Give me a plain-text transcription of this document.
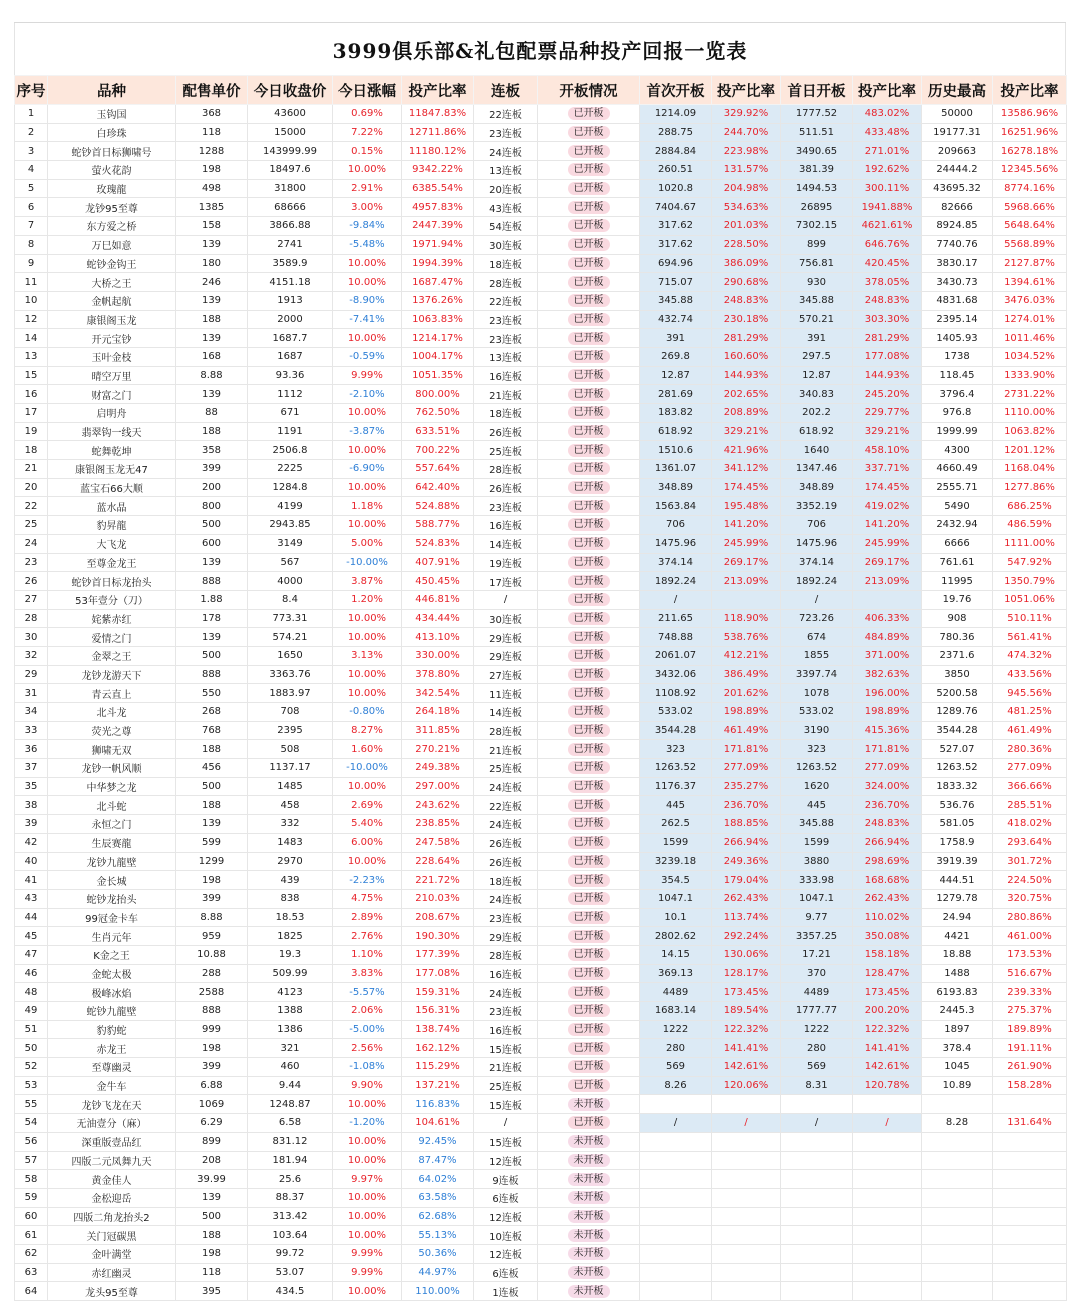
3999俱乐部&礼包配票品种投产回报一览表
序号	品种	配售单价	今日收盘价	今日涨幅	投产比率	连板	开板情况	首次开板	投产比率	首日开板	投产比率	历史最高	投产比率
1	玉钩国	368	43600	0.69%	11847.83%	22连板	已开板	1214.09	329.92%	1777.52	483.02%	50000	13586.96%
2	白珍珠	118	15000	7.22%	12711.86%	23连板	已开板	288.75	244.70%	511.51	433.48%	19177.31	16251.96%
3	蛇钞首日标狮啸号	1288	143999.99	0.15%	11180.12%	24连板	已开板	2884.84	223.98%	3490.65	271.01%	209663	16278.18%
4	萤火花韵	198	18497.6	10.00%	9342.22%	13连板	已开板	260.51	131.57%	381.39	192.62%	24444.2	12345.56%
5	玫瑰龍	498	31800	2.91%	6385.54%	20连板	已开板	1020.8	204.98%	1494.53	300.11%	43695.32	8774.16%
6	龙钞95至尊	1385	68666	3.00%	4957.83%	43连板	已开板	7404.67	534.63%	26895	1941.88%	82666	5968.66%
7	东方爱之桥	158	3866.88	-9.84%	2447.39%	54连板	已开板	317.62	201.03%	7302.15	4621.61%	8924.85	5648.64%
8	万巳如意	139	2741	-5.48%	1971.94%	30连板	已开板	317.62	228.50%	899	646.76%	7740.76	5568.89%
9	蛇钞金钩王	180	3589.9	10.00%	1994.39%	18连板	已开板	694.96	386.09%	756.81	420.45%	3830.17	2127.87%
11	大桥之王	246	4151.18	10.00%	1687.47%	28连板	已开板	715.07	290.68%	930	378.05%	3430.73	1394.61%
10	金帆起航	139	1913	-8.90%	1376.26%	22连板	已开板	345.88	248.83%	345.88	248.83%	4831.68	3476.03%
12	康银阁玉龙	188	2000	-7.41%	1063.83%	23连板	已开板	432.74	230.18%	570.21	303.30%	2395.14	1274.01%
14	开元宝钞	139	1687.7	10.00%	1214.17%	23连板	已开板	391	281.29%	391	281.29%	1405.93	1011.46%
13	玉叶金枝	168	1687	-0.59%	1004.17%	13连板	已开板	269.8	160.60%	297.5	177.08%	1738	1034.52%
15	晴空万里	8.88	93.36	9.99%	1051.35%	16连板	已开板	12.87	144.93%	12.87	144.93%	118.45	1333.90%
16	财富之门	139	1112	-2.10%	800.00%	21连板	已开板	281.69	202.65%	340.83	245.20%	3796.4	2731.22%
17	启明舟	88	671	10.00%	762.50%	18连板	已开板	183.82	208.89%	202.2	229.77%	976.8	1110.00%
19	翡翠钩一线天	188	1191	-3.87%	633.51%	26连板	已开板	618.92	329.21%	618.92	329.21%	1999.99	1063.82%
18	蛇舞乾坤	358	2506.8	10.00%	700.22%	25连板	已开板	1510.6	421.96%	1640	458.10%	4300	1201.12%
21	康银阁玉龙无47	399	2225	-6.90%	557.64%	28连板	已开板	1361.07	341.12%	1347.46	337.71%	4660.49	1168.04%
20	蓝宝石66大顺	200	1284.8	10.00%	642.40%	26连板	已开板	348.89	174.45%	348.89	174.45%	2555.71	1277.86%
22	蓝水晶	800	4199	1.18%	524.88%	23连板	已开板	1563.84	195.48%	3352.19	419.02%	5490	686.25%
25	豹昇龍	500	2943.85	10.00%	588.77%	16连板	已开板	706	141.20%	706	141.20%	2432.94	486.59%
24	大飞龙	600	3149	5.00%	524.83%	14连板	已开板	1475.96	245.99%	1475.96	245.99%	6666	1111.00%
23	至尊金龙王	139	567	-10.00%	407.91%	19连板	已开板	374.14	269.17%	374.14	269.17%	761.61	547.92%
26	蛇钞首日标龙抬头	888	4000	3.87%	450.45%	17连板	已开板	1892.24	213.09%	1892.24	213.09%	11995	1350.79%
27	53年壹分（刀）	1.88	8.4	1.20%	446.81%	/	已开板	/		/		19.76	1051.06%
28	姹紫赤红	178	773.31	10.00%	434.44%	30连板	已开板	211.65	118.90%	723.26	406.33%	908	510.11%
30	爱情之门	139	574.21	10.00%	413.10%	29连板	已开板	748.88	538.76%	674	484.89%	780.36	561.41%
32	金翠之王	500	1650	3.13%	330.00%	29连板	已开板	2061.07	412.21%	1855	371.00%	2371.6	474.32%
29	龙钞龙游天下	888	3363.76	10.00%	378.80%	27连板	已开板	3432.06	386.49%	3397.74	382.63%	3850	433.56%
31	青云直上	550	1883.97	10.00%	342.54%	11连板	已开板	1108.92	201.62%	1078	196.00%	5200.58	945.56%
34	北斗龙	268	708	-0.80%	264.18%	14连板	已开板	533.02	198.89%	533.02	198.89%	1289.76	481.25%
33	荧光之尊	768	2395	8.27%	311.85%	28连板	已开板	3544.28	461.49%	3190	415.36%	3544.28	461.49%
36	狮啸无双	188	508	1.60%	270.21%	21连板	已开板	323	171.81%	323	171.81%	527.07	280.36%
37	龙钞一帆风顺	456	1137.17	-10.00%	249.38%	25连板	已开板	1263.52	277.09%	1263.52	277.09%	1263.52	277.09%
35	中华梦之龙	500	1485	10.00%	297.00%	24连板	已开板	1176.37	235.27%	1620	324.00%	1833.32	366.66%
38	北斗蛇	188	458	2.69%	243.62%	22连板	已开板	445	236.70%	445	236.70%	536.76	285.51%
39	永恒之门	139	332	5.40%	238.85%	24连板	已开板	262.5	188.85%	345.88	248.83%	581.05	418.02%
42	生辰赛龍	599	1483	6.00%	247.58%	26连板	已开板	1599	266.94%	1599	266.94%	1758.9	293.64%
40	龙钞九龍壁	1299	2970	10.00%	228.64%	26连板	已开板	3239.18	249.36%	3880	298.69%	3919.39	301.72%
41	金长城	198	439	-2.23%	221.72%	18连板	已开板	354.5	179.04%	333.98	168.68%	444.51	224.50%
43	蛇钞龙抬头	399	838	4.75%	210.03%	24连板	已开板	1047.1	262.43%	1047.1	262.43%	1279.78	320.75%
44	99冠金卡车	8.88	18.53	2.89%	208.67%	23连板	已开板	10.1	113.74%	9.77	110.02%	24.94	280.86%
45	生肖元年	959	1825	2.76%	190.30%	29连板	已开板	2802.62	292.24%	3357.25	350.08%	4421	461.00%
47	K金之王	10.88	19.3	1.10%	177.39%	28连板	已开板	14.15	130.06%	17.21	158.18%	18.88	173.53%
46	金蛇太极	288	509.99	3.83%	177.08%	16连板	已开板	369.13	128.17%	370	128.47%	1488	516.67%
48	极峰冰焰	2588	4123	-5.57%	159.31%	24连板	已开板	4489	173.45%	4489	173.45%	6193.83	239.33%
49	蛇钞九龍壁	888	1388	2.06%	156.31%	23连板	已开板	1683.14	189.54%	1777.77	200.20%	2445.3	275.37%
51	豹豹蛇	999	1386	-5.00%	138.74%	16连板	已开板	1222	122.32%	1222	122.32%	1897	189.89%
50	赤龙王	198	321	2.56%	162.12%	15连板	已开板	280	141.41%	280	141.41%	378.4	191.11%
52	至尊幽灵	399	460	-1.08%	115.29%	21连板	已开板	569	142.61%	569	142.61%	1045	261.90%
53	金牛车	6.88	9.44	9.90%	137.21%	25连板	已开板	8.26	120.06%	8.31	120.78%	10.89	158.28%
55	龙钞飞龙在天	1069	1248.87	10.00%	116.83%	15连板	未开板						
54	无油壹分（麻）	6.29	6.58	-1.20%	104.61%	/	已开板	/	/	/	/	8.28	131.64%
56	深重版壹品红	899	831.12	10.00%	92.45%	15连板	未开板						
57	四版二元凤舞九天	208	181.94	10.00%	87.47%	12连板	未开板						
58	黄金佳人	39.99	25.6	9.97%	64.02%	9连板	未开板						
59	金松迎岳	139	88.37	10.00%	63.58%	6连板	未开板						
60	四版二角龙抬头2	500	313.42	10.00%	62.68%	12连板	未开板						
61	关门冠碳黑	188	103.64	10.00%	55.13%	10连板	未开板						
62	金叶满堂	198	99.72	9.99%	50.36%	12连板	未开板						
63	赤红幽灵	118	53.07	9.99%	44.97%	6连板	未开板						
64	龙头95至尊	395	434.5	10.00%	110.00%	1连板	未开板						
